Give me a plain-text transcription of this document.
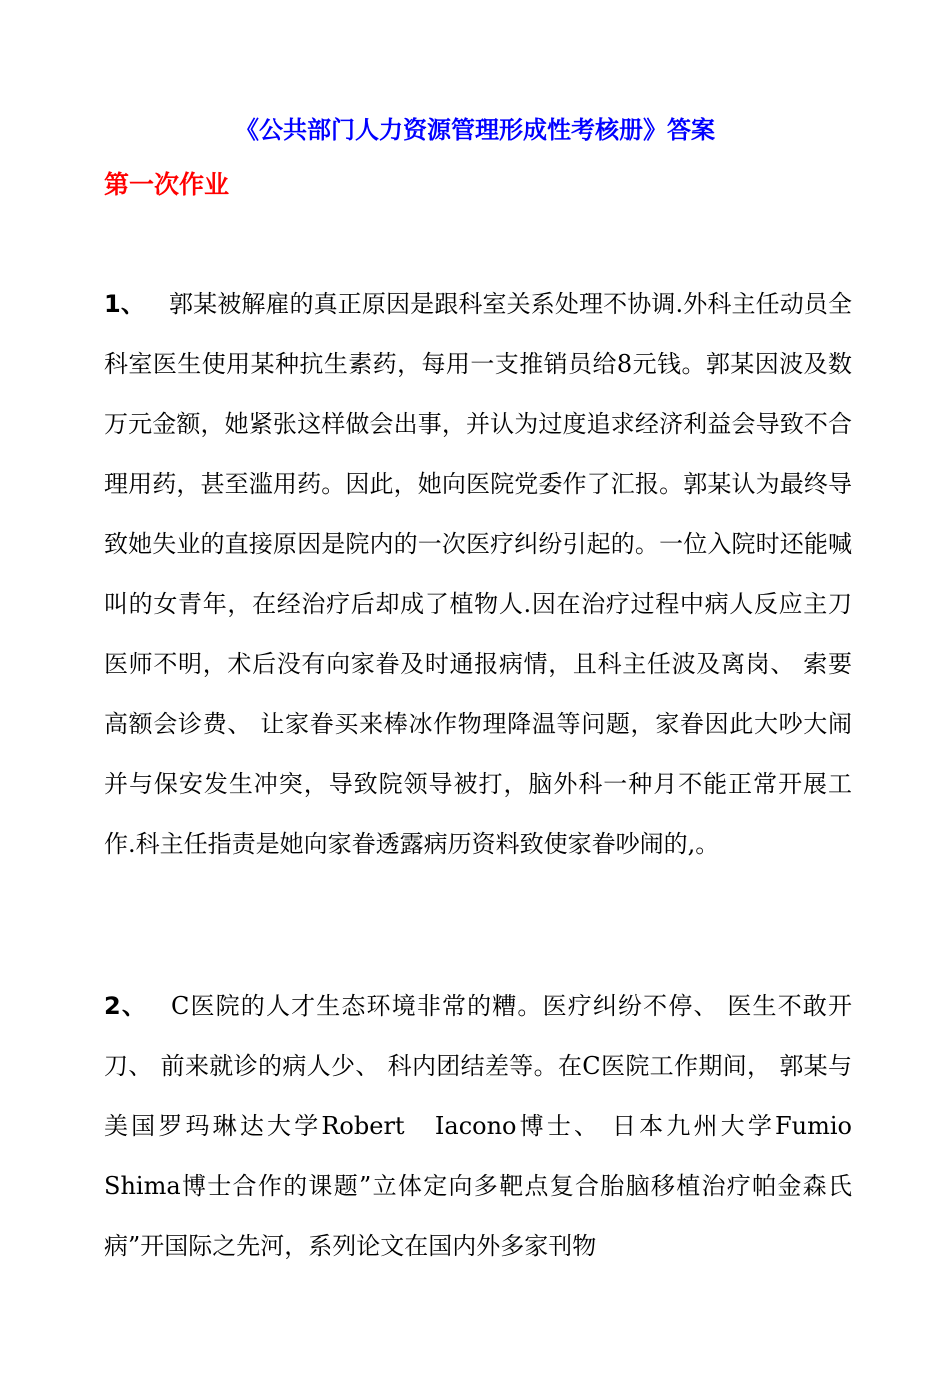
《公共部门人力资源管理形成性考核册》答案
第一次作业

1、 郭某被解雇的真正原因是跟科室关系处理不协调.外科主任动员全科室医生使用某种抗生素药，每用一支推销员给8元钱。郭某因波及数万元金额，她紧张这样做会出事，并认为过度追求经济利益会导致不合理用药，甚至滥用药。因此，她向医院党委作了汇报。郭某认为最终导致她失业的直接原因是院内的一次医疗纠纷引起的。一位入院时还能喊叫的女青年，在经治疗后却成了植物人.因在治疗过程中病人反应主刀医师不明，术后没有向家眷及时通报病情，且科主任波及离岗、 索要高额会诊费、 让家眷买来棒冰作物理降温等问题，家眷因此大吵大闹并与保安发生冲突，导致院领导被打，脑外科一种月不能正常开展工作.科主任指责是她向家眷透露病历资料致使家眷吵闹的,。

2、 C医院的人才生态环境非常的糟。医疗纠纷不停、 医生不敢开刀、 前来就诊的病人少、 科内团结差等。在C医院工作期间， 郭某与美国罗玛琳达大学Robert　Iacono博士、 日本九州大学Fumio　Shima博士合作的课题”立体定向多靶点复合胎脑移植治疗帕金森氏病”开国际之先河，系列论文在国内外多家刊物
